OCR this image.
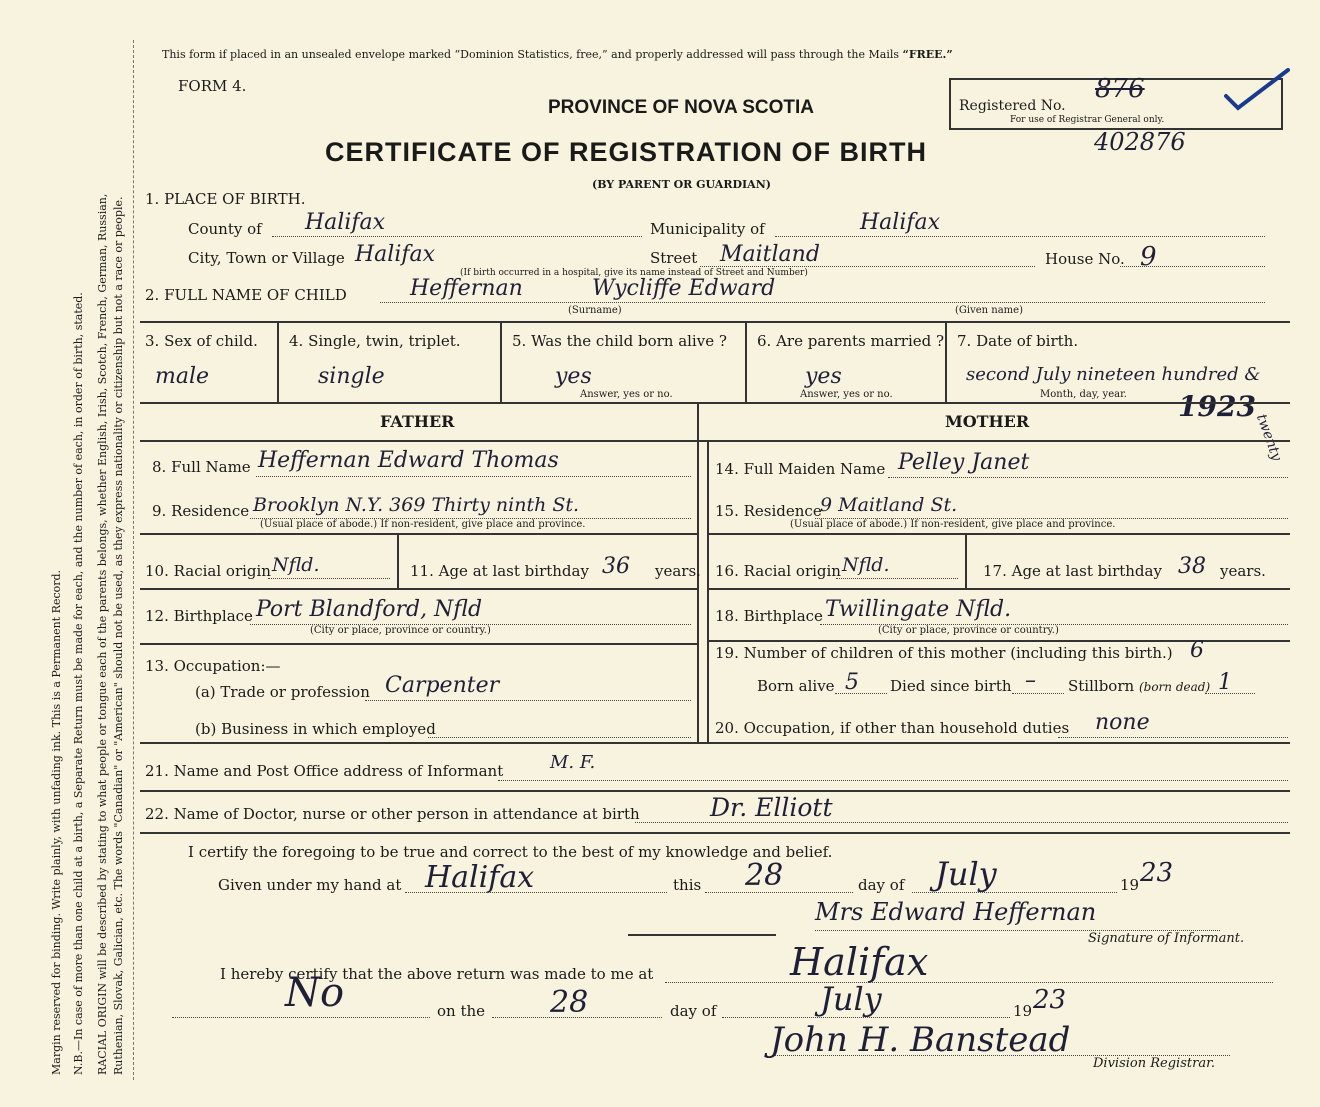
Margin reserved for binding. Write plainly, with unfading ink. This is a Permanent Record. N.B.—In case of more than one child at a birth, a Separate Return must be made for each, and the number of each, in order of birth, stated. RACIAL ORIGIN will be described by stating to what people or tongue each of the parents belongs, whether English, Irish, Scotch, French, German, Russian, Ruthenian, Slovak, Galician, etc. The words "Canadian" or "American" should not be used, as they express nationality or citizenship but not a race or people.
This form if placed in an unsealed envelope marked “Dominion Statistics, free,” and properly addressed will pass through the Mails “FREE.”
FORM 4.
PROVINCE OF NOVA SCOTIA
CERTIFICATE OF REGISTRATION OF BIRTH
(BY PARENT OR GUARDIAN)
Registered No.
876
For use of Registrar General only.
402876
1. PLACE OF BIRTH.
County of Halifax	Municipality of	Halifax
City, Town or Village Halifax
(If birth occurred in a hospital, give its name instead of Street and Number)
Street Maitland	House No. 9
2. FULL NAME OF CHILD	Heffernan	Wycliffe Edward
(Surname)	(Given name)
3. Sex of child.
male
4. Single, twin, triplet.
single
5. Was the child born alive ?
yes
Answer, yes or no.
6. Are parents married ?
yes
Answer, yes or no.
7. Date of birth.
second July nineteen hundred &
Month, day, year. 1923
twenty
FATHER	MOTHER
8. Full Name Heffernan Edward Thomas
9. Residence Brooklyn N.Y. 369 Thirty ninth St.
(Usual place of abode.) If non-resident, give place and province.
10. Racial origin Nfld.	11. Age at last birthday 36 years.
12. Birthplace Port Blandford, Nfld
(City or place, province or country.)
13. Occupation:—
(a) Trade or profession Carpenter
(b) Business in which employed
14. Full Maiden Name Pelley Janet
15. Residence
9 Maitland St.
(Usual place of abode.) If non-resident, give place and province.
16. Racial origin Nfld.	17. Age at last birthday 38 years.
18. Birthplace Twillingate Nfld.
(City or place, province or country.)
19. Number of children of this mother (including this birth.) 6
Born alive 5 Died since birth – Stillborn (born dead) 1
20. Occupation, if other than household duties none
21. Name and Post Office address of Informant	M. F.
22. Name of Doctor, nurse or other person in attendance at birth	Dr. Elliott
I certify the foregoing to be true and correct to the best of my knowledge and belief.
Given under my hand at Halifax	this 28	day of July	19 23
Mrs Edward Heffernan
Signature of Informant.
I hereby certify that the above return was made to me at	Halifax
No	on the 28	day of	July	19 23
John H. Banstead
Division Registrar.
